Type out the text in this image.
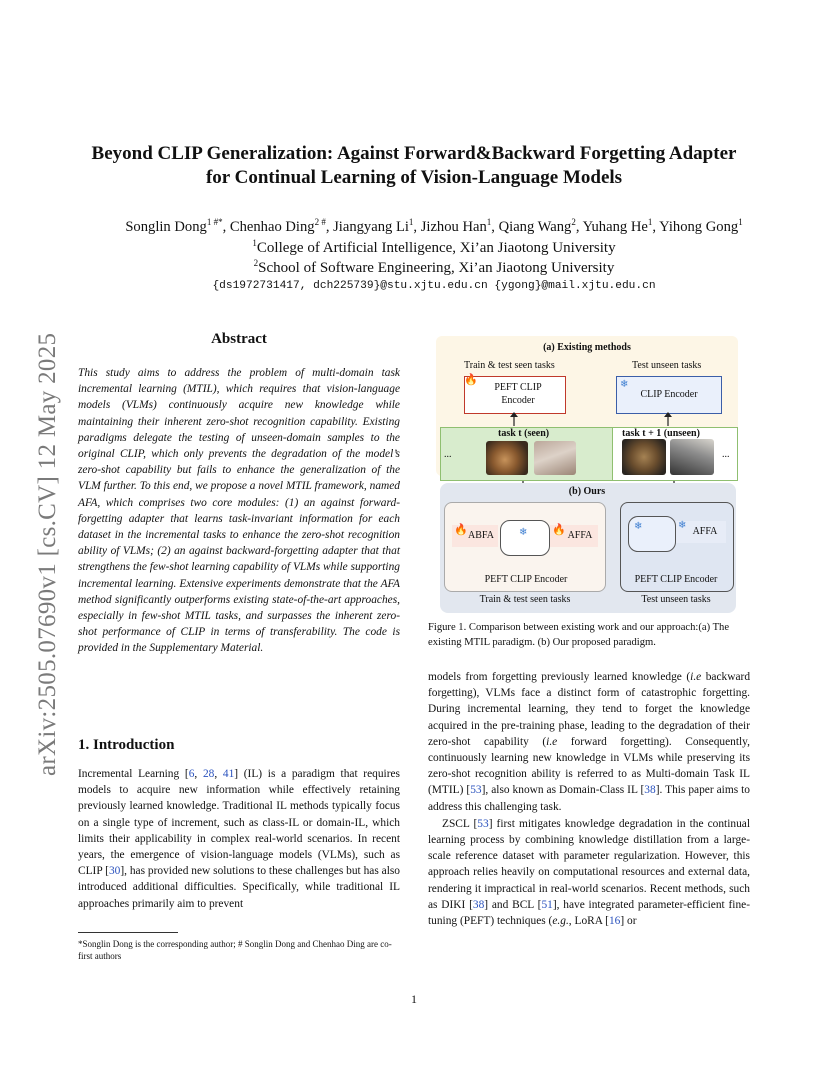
arXiv:2505.07690v1 [cs.CV] 12 May 2025
Beyond CLIP Generalization: Against Forward&Backward Forgetting Adapter
for Continual Learning of Vision-Language Models
Songlin Dong$^{1 \#*}$, Chenhao Ding$^{2 \#}$, Jiangyang Li$^1$, Jizhou Han$^1$, Qiang Wang$^2$, Yuhang He$^1$, Yihong Gong$^1$
$^1$College of Artificial Intelligence, Xi’an Jiaotong University
$^2$School of Software Engineering, Xi’an Jiaotong University
{ds1972731417, dch225739}@stu.xjtu.edu.cn {ygong}@mail.xjtu.edu.cn
Abstract
This study aims to address the problem of multi-domain task incremental learning (MTIL), which requires that vision-language models (VLMs) continuously acquire new knowledge while maintaining their inherent zero-shot recognition capability. Existing paradigms delegate the testing of unseen-domain samples to the original CLIP, which only prevents the degradation of the model’s zero-shot capability but fails to enhance the generalization of the VLM further. To this end, we propose a novel MTIL framework, named AFA, which comprises two core modules: (1) an against forward-forgetting adapter that learns task-invariant information for each dataset in the incremental tasks to enhance the zero-shot recognition ability of VLMs; (2) an against backward-forgetting adapter that that strengthens the few-shot learning capability of VLMs while supporting incremental learning. Extensive experiments demonstrate that the AFA method significantly outperforms existing state-of-the-art approaches, especially in few-shot MTIL tasks, and surpasses the inherent zero-shot performance of CLIP in terms of transferability. The code is provided in the Supplementary Material.
1. Introduction
Incremental Learning [6, 28, 41] (IL) is a paradigm that requires models to acquire new information while effectively retaining previously learned knowledge. Traditional IL methods typically focus on a single type of increment, such as class-IL or domain-IL, which limits their applicability in complex real-world scenarios. In recent years, the emergence of vision-language models (VLMs), such as CLIP [30], has provided new solutions to these challenges but has also introduced additional difficulties. Specifically, while traditional IL approaches primarily aim to prevent
*Songlin Dong is the corresponding author; # Songlin Dong and Chenhao Ding are co-first authors
(a) Existing methods
Train & test seen tasks	Test unseen tasks
🔥
PEFT CLIP Encoder
❄
CLIP Encoder
task t (seen)	task t + 1 (unseen)
...	...
(b) Ours
🔥 ABFA	❄ 🔥 AFFA
PEFT CLIP Encoder
Train & test seen tasks
❄	❄
AFFA
PEFT CLIP Encoder
Test unseen tasks
Figure 1. Comparison between existing work and our approach:(a) The existing MTIL paradigm. (b) Our proposed paradigm.

models from forgetting previously learned knowledge (i.e backward forgetting), VLMs face a distinct form of catastrophic forgetting. During incremental learning, they tend to forget the knowledge acquired in the pre-training phase, leading to the degradation of their zero-shot capability (i.e forward forgetting). Consequently, continuously learning new knowledge in VLMs while preserving its zero-shot recognition ability is referred to as Multi-domain Task IL (MTIL) [53], also known as Domain-Class IL [38]. This paper aims to address this challenging task.

ZSCL [53] first mitigates knowledge degradation in the continual learning process by combining knowledge distillation from a large-scale reference dataset with parameter regularization. However, this approach relies heavily on computational resources and external data, rendering it impractical in real-world scenarios. Recent methods, such as DIKI [38] and BCL [51], have integrated parameter-efficient fine-tuning (PEFT) techniques (e.g., LoRA [16] or

1
